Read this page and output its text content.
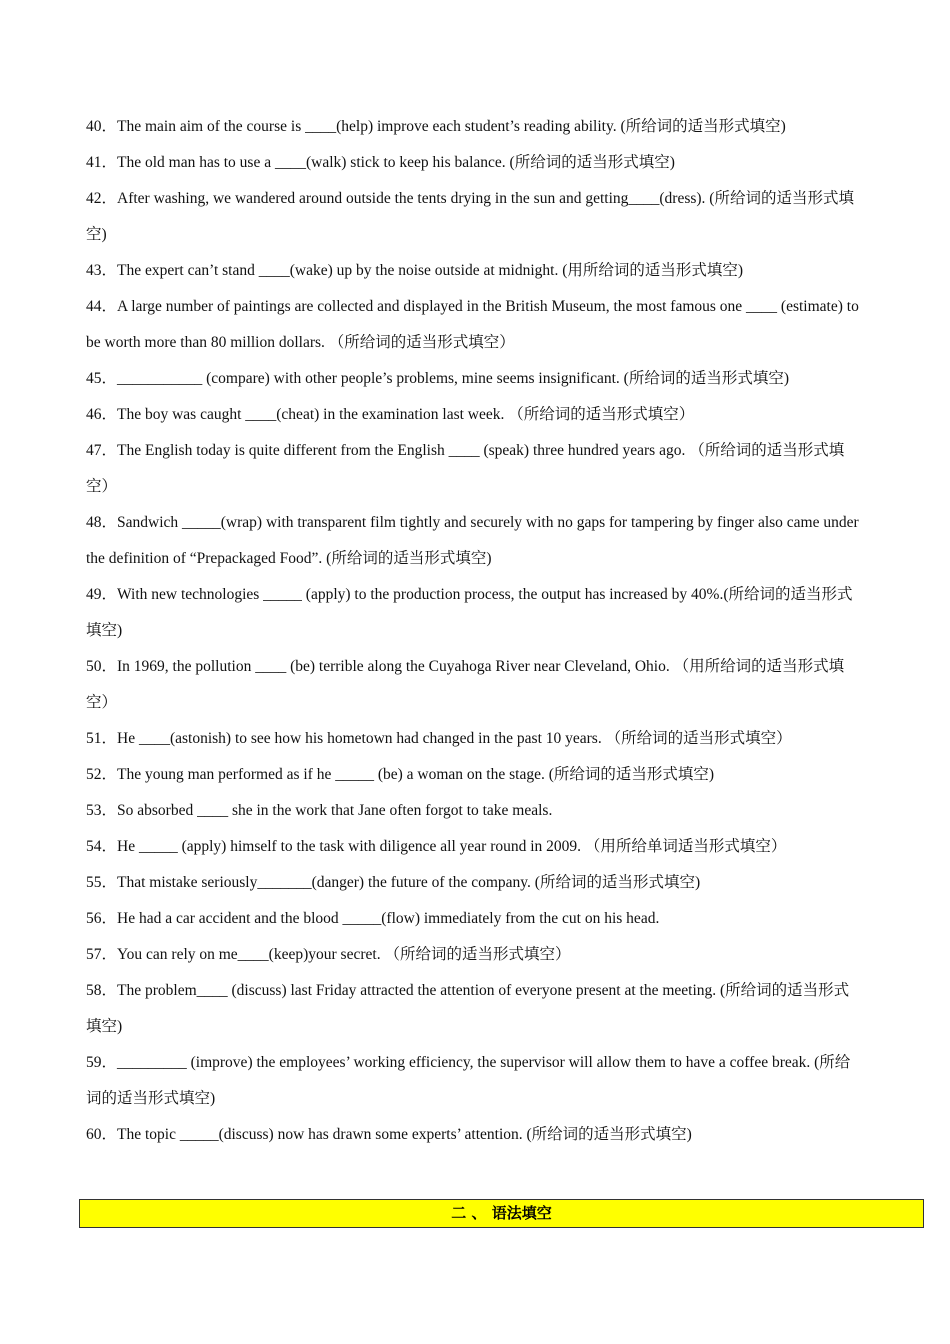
40．The main aim of the course is ____(help) improve each student’s reading ability. (所给词的适当形式填空)
41．The old man has to use a ____(walk) stick to keep his balance. (所给词的适当形式填空)
42．After washing, we wandered around outside the tents drying in the sun and getting____(dress). (所给词的适当形式填空)
43．The expert can’t stand ____(wake) up by the noise outside at midnight. (用所给词的适当形式填空)
44．A large number of paintings are collected and displayed in the British Museum, the most famous one ____ (estimate) to be worth more than 80 million dollars. （所给词的适当形式填空）
45．___________ (compare) with other people’s problems, mine seems insignificant. (所给词的适当形式填空)
46．The boy was caught ____(cheat) in the examination last week. （所给词的适当形式填空）
47．The English today is quite different from the English ____ (speak) three hundred years ago. （所给词的适当形式填空）
48．Sandwich _____(wrap) with transparent film tightly and securely with no gaps for tampering by finger also came under the definition of “Prepackaged Food”. (所给词的适当形式填空)
49．With new technologies _____ (apply) to the production process, the output has increased by 40%.(所给词的适当形式填空)
50．In 1969, the pollution ____ (be) terrible along the Cuyahoga River near Cleveland, Ohio. （用所给词的适当形式填空）
51．He ____(astonish) to see how his hometown had changed in the past 10 years. （所给词的适当形式填空）
52．The young man performed as if he _____ (be) a woman on the stage. (所给词的适当形式填空)
53．So absorbed ____ she in the work that Jane often forgot to take meals.
54．He _____ (apply) himself to the task with diligence all year round in 2009. （用所给单词适当形式填空）
55．That mistake seriously_______(danger) the future of the company. (所给词的适当形式填空)
56．He had a car accident and the blood _____(flow) immediately from the cut on his head.
57．You can rely on me____(keep)your secret. （所给词的适当形式填空）
58．The problem____ (discuss) last Friday attracted the attention of everyone present at the meeting. (所给词的适当形式填空)
59．_________ (improve) the employees’ working efficiency, the supervisor will allow them to have a coffee break. (所给词的适当形式填空)
60．The topic _____(discuss) now has drawn some experts’ attention. (所给词的适当形式填空)
二 、 语法填空
